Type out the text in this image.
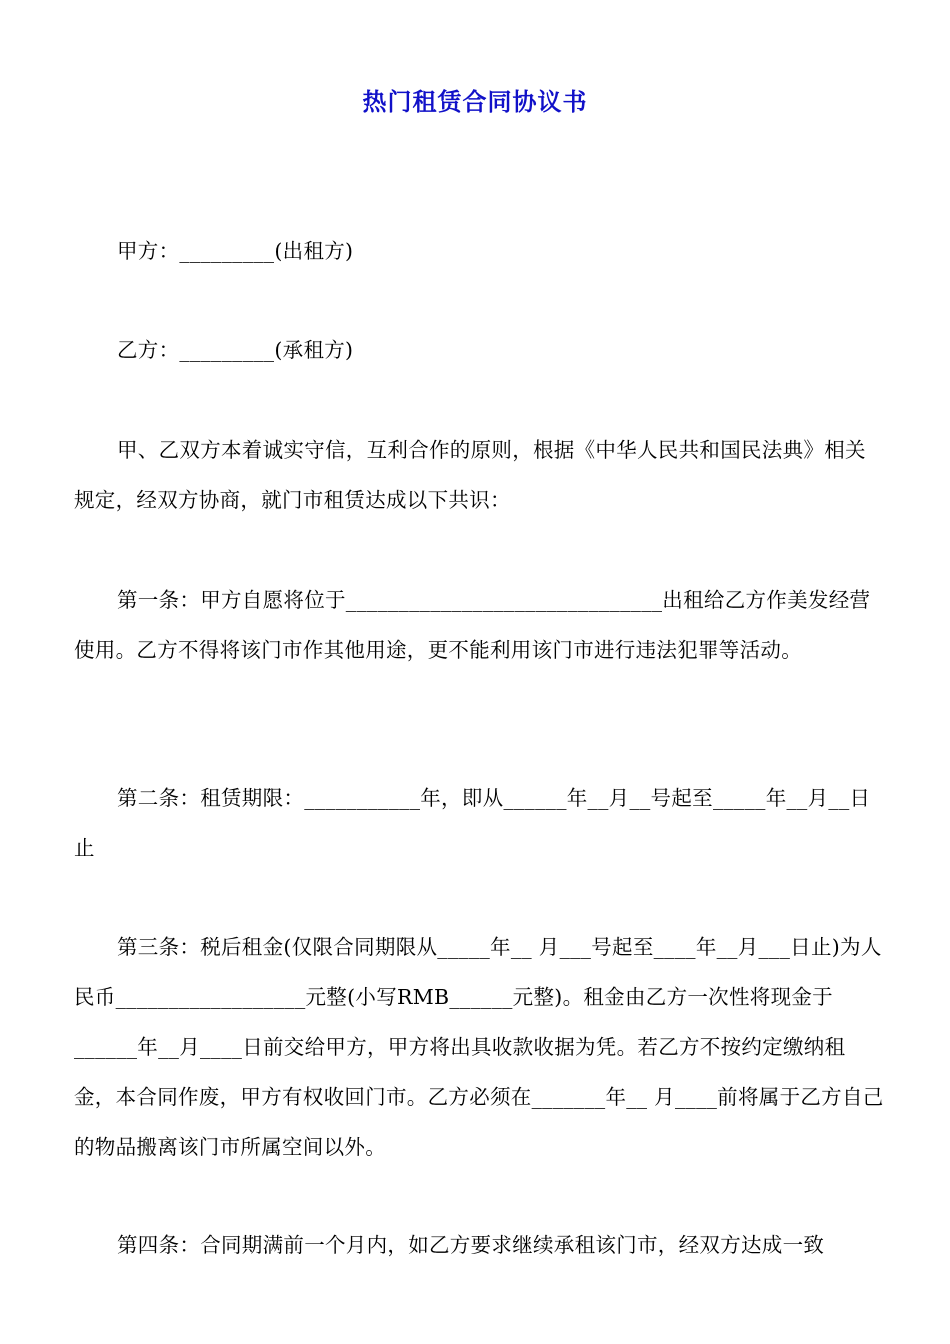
热门租赁合同协议书
甲方：_________(出租方)
乙方：_________(承租方)
甲、乙双方本着诚实守信，互利合作的原则，根据《中华人民共和国民法典》相关规定，经双方协商，就门市租赁达成以下共识：
第一条：甲方自愿将位于______________________________出租给乙方作美发经营使用。乙方不得将该门市作其他用途，更不能利用该门市进行违法犯罪等活动。
第二条：租赁期限：___________年，即从______年__月__号起至_____年__月__日止
第三条：税后租金(仅限合同期限从_____年__ 月___号起至____年__月___日止)为人民币__________________元整(小写RMB______元整)。租金由乙方一次性将现金于______年__月____日前交给甲方，甲方将出具收款收据为凭。若乙方不按约定缴纳租金，本合同作废，甲方有权收回门市。乙方必须在_______年__ 月____前将属于乙方自己的物品搬离该门市所属空间以外。
第四条：合同期满前一个月内，如乙方要求继续承租该门市，经双方达成一致
